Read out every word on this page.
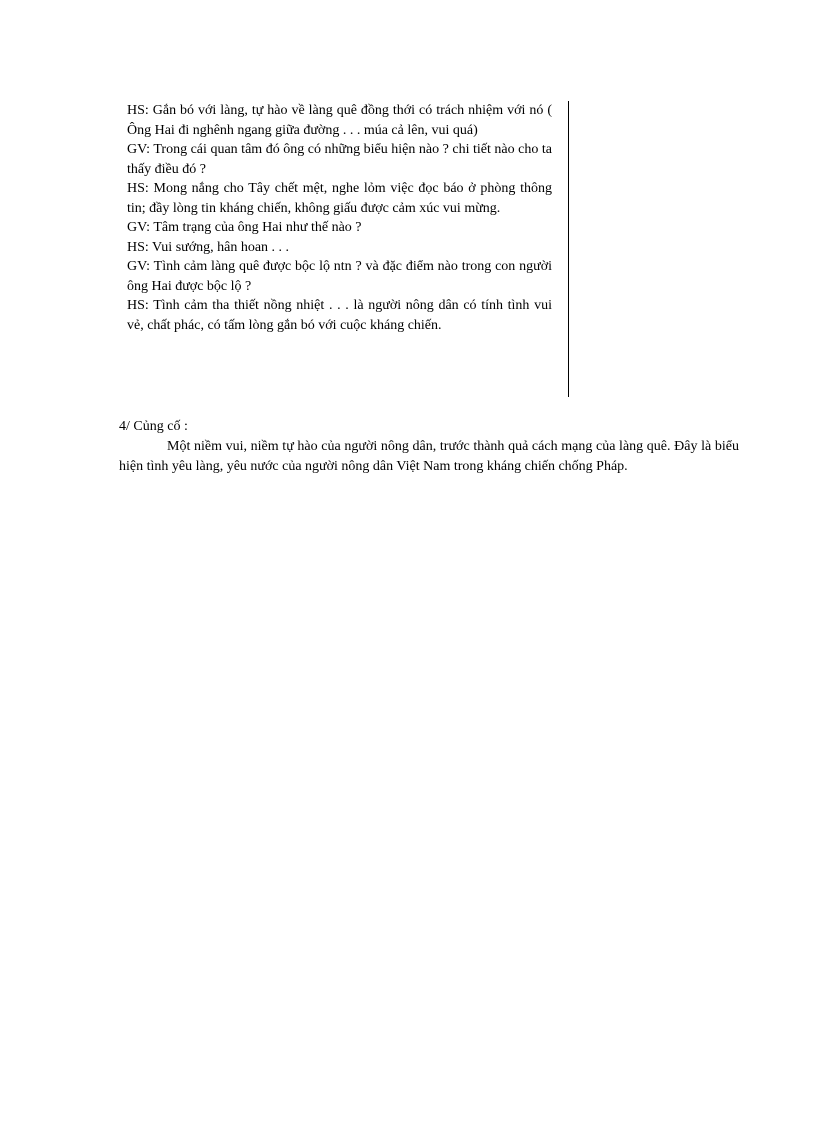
HS: Gắn bó với làng, tự hào về làng quê đồng thới có trách nhiệm với nó ( Ông Hai đi nghênh ngang giữa đường . . . múa cả lên, vui quá)

GV: Trong cái quan tâm đó ông có những biểu hiện nào ? chi tiết nào cho ta thấy điều đó ?

HS: Mong nắng cho Tây chết mệt, nghe lỏm việc đọc báo ở phòng thông tin; đầy lòng tin kháng chiến, không giấu được cảm xúc vui mừng.

GV: Tâm trạng của ông Hai như thế nào ?

HS: Vui sướng, hân hoan . . .

GV: Tình cảm làng quê được bộc lộ ntn ? và đặc điểm nào trong con người ông Hai được bộc lộ ?

HS: Tình cảm tha thiết nồng nhiệt . . . là người nông dân có tính tình vui vẻ, chất phác, có tấm lòng gắn bó với cuộc kháng chiến.

4/ Củng cố :

Một niềm vui, niềm tự hào của người nông dân, trước thành quả cách mạng của làng quê. Đây là biểu hiện tình yêu làng, yêu nước của người nông dân Việt Nam trong kháng chiến chống Pháp.
